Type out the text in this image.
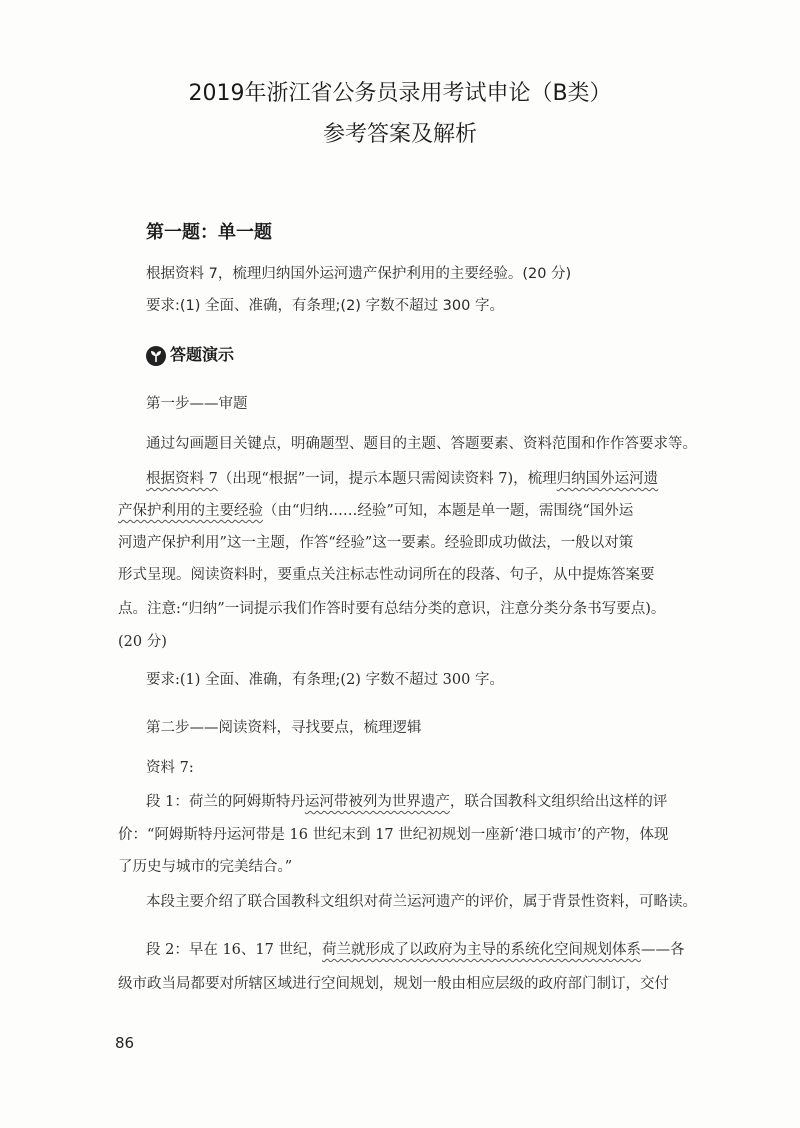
2019年浙江省公务员录用考试申论（B类）
参考答案及解析
第一题：单一题
根据资料 7，梳理归纳国外运河遗产保护利用的主要经验。(20 分)
要求:(1) 全面、准确，有条理;(2) 字数不超过 300 字。
答题演示
第一步——审题
通过勾画题目关键点，明确题型、题目的主题、答题要素、资料范围和作作答要求等。
根据资料 7（出现“根据”一词，提示本题只需阅读资料 7)，梳理归纳国外运河遗
产保护利用的主要经验（由“归纳……经验”可知，本题是单一题，需围绕“国外运
河遗产保护利用”这一主题，作答“经验”这一要素。经验即成功做法，一般以对策
形式呈现。阅读资料时，要重点关注标志性动词所在的段落、句子，从中提炼答案要
点。注意:“归纳”一词提示我们作答时要有总结分类的意识，注意分类分条书写要点)。
(20 分)
要求:(1) 全面、准确，有条理;(2) 字数不超过 300 字。
第二步——阅读资料，寻找要点，梳理逻辑
资料 7:
段 1：荷兰的阿姆斯特丹运河带被列为世界遗产，联合国教科文组织给出这样的评
价：“阿姆斯特丹运河带是 16 世纪末到 17 世纪初规划一座新‘港口城市’的产物，体现
了历史与城市的完美结合。”
本段主要介绍了联合国教科文组织对荷兰运河遗产的评价，属于背景性资料，可略读。
段 2：早在 16、17 世纪，荷兰就形成了以政府为主导的系统化空间规划体系——各
级市政当局都要对所辖区域进行空间规划，规划一般由相应层级的政府部门制订，交付
86
